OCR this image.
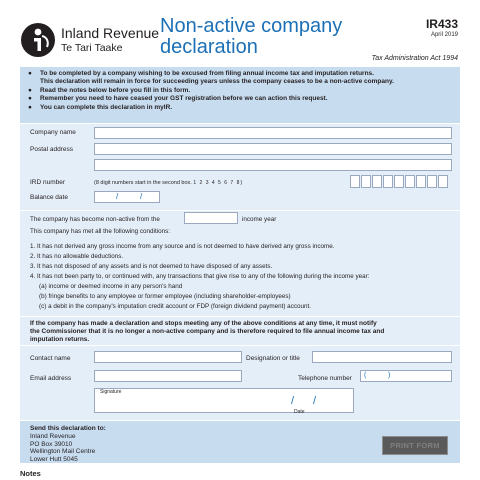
Inland Revenue
Te Tari Taake
Non-active company
declaration
IR433
April 2019
Tax Administration Act 1994
● To be completed by a company wishing to be excused from filing annual income tax and imputation returns.
This declaration will remain in force for succeeding years unless the company ceases to be a non-active company.
● Read the notes below before you fill in this form.
● Remember you need to have ceased your GST registration before we can action this request.
● You can complete this declaration in myIR.
Company name
Postal address
IRD number	(8 digit numbers start in the second box. 1 2 3 4 5 6 7 8)
Balance date	/	/
The company has become non-active from the	income year
This company has met all the following conditions:
1. It has not derived any gross income from any source and is not deemed to have derived any gross income.
2. It has no allowable deductions.
3. It has not disposed of any assets and is not deemed to have disposed of any assets.
4. It has not been party to, or continued with, any transactions that give rise to any of the following during the income year:
(a) income or deemed income in any person's hand
(b) fringe benefits to any employee or former employee (including shareholder-employees)
(c) a debit in the company's imputation credit account or FDP (foreign dividend payment) account.
If the company has made a declaration and stops meeting any of the above conditions at any time, it must notify
the Commissioner that it is no longer a non-active company and is therefore required to file annual income tax and
imputation returns.
Contact name	Designation or title
Email address	Telephone number (	)
Signature
/ /
Date
Send this declaration to:
Inland Revenue
PO Box 39010
Wellington Mail Centre
Lower Hutt 5045
PRINT FORM
Notes
